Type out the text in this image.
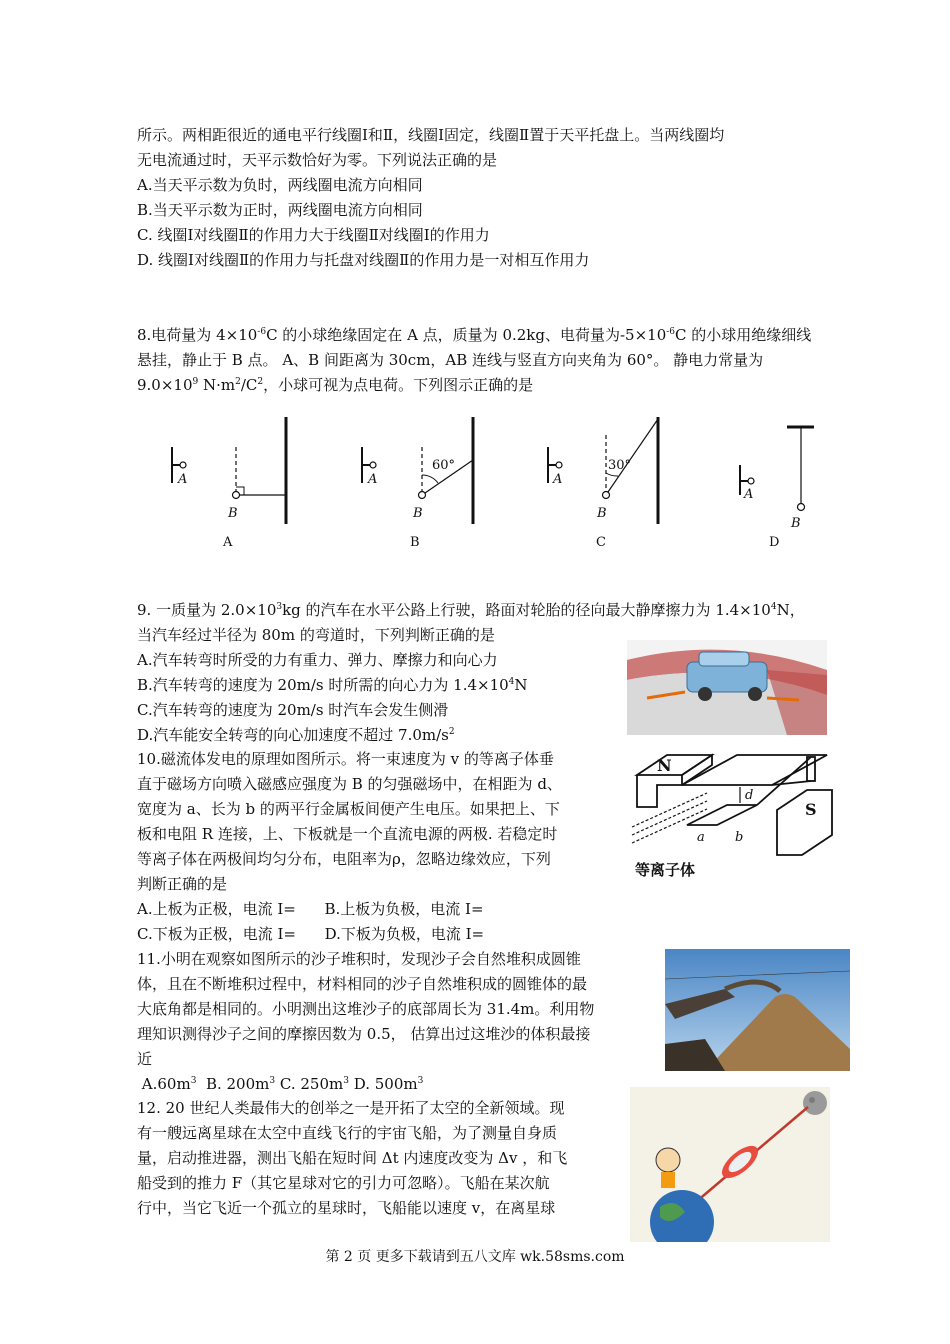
所示。两相距很近的通电平行线圈Ⅰ和Ⅱ，线圈Ⅰ固定，线圈Ⅱ置于天平托盘上。当两线圈均
无电流通过时，天平示数恰好为零。下列说法正确的是
A.当天平示数为负时，两线圈电流方向相同
B.当天平示数为正时，两线圈电流方向相同
C. 线圈Ⅰ对线圈Ⅱ的作用力大于线圈Ⅱ对线圈Ⅰ的作用力
D. 线圈Ⅰ对线圈Ⅱ的作用力与托盘对线圈Ⅱ的作用力是一对相互作用力
8.电荷量为 $4\times 10^{-6}C$ 的小球绝缘固定在 A 点，质量为 0.2kg、电荷量为$-5\times 10^{-6}C$ 的小球用绝缘细线
悬挂，静止于 B 点。 A、B 间距离为 30cm，AB 连线与竖直方向夹角为 60°。 静电力常量为
$9.0\times 10^9$ $N\cdot m^2/C^2$，小球可视为点电荷。下列图示正确的是
A
B
A
B
A
B
A
B
60°	30°
A	B	C	D
9. 一质量为 $2.0\times 10^3kg$ 的汽车在水平公路上行驶，路面对轮胎的径向最大静摩擦力为 $1.4\times 10^4N$，
当汽车经过半径为 80m 的弯道时，下列判断正确的是
A.汽车转弯时所受的力有重力、弹力、摩擦力和向心力
B.汽车转弯的速度为 20m/s 时所需的向心力为 $1.4\times 10^4N$
C.汽车转弯的速度为 20m/s 时汽车会发生侧滑
D.汽车能安全转弯的向心加速度不超过 $7.0m/s^2$
10.磁流体发电的原理如图所示。将一束速度为 v 的等离子体垂
直于磁场方向喷入磁感应强度为 B 的匀强磁场中，在相距为 d、
宽度为 a、长为 b 的两平行金属板间便产生电压。如果把上、下
板和电阻 R 连接，上、下板就是一个直流电源的两极. 若稳定时
等离子体在两极间均匀分布，电阻率为ρ，忽略边缘效应，下列
判断正确的是
A.上板为正极，电流 I=      B.上板为负极，电流 I=
C.下板为正极，电流 I=      D.下板为负极，电流 I=
N
S
d
a b
等离子体
11.小明在观察如图所示的沙子堆积时，发现沙子会自然堆积成圆锥
体，且在不断堆积过程中，材料相同的沙子自然堆积成的圆锥体的最
大底角都是相同的。小明测出这堆沙子的底部周长为 31.4m。利用物
理知识测得沙子之间的摩擦因数为 0.5， 估算出过这堆沙的体积最接
近
$A.60m^3$  B. $200m^3$ C. $250m^3$ D. $500m^3$
12. 20 世纪人类最伟大的创举之一是开拓了太空的全新领域。现
有一艘远离星球在太空中直线飞行的宇宙飞船，为了测量自身质
量，启动推进器，测出飞船在短时间 Δt 内速度改变为 Δv ，和飞
船受到的推力 F（其它星球对它的引力可忽略）。飞船在某次航
行中，当它飞近一个孤立的星球时，飞船能以速度 v，在离星球
第 2 页 更多下载请到五八文库 wk.58sms.com
